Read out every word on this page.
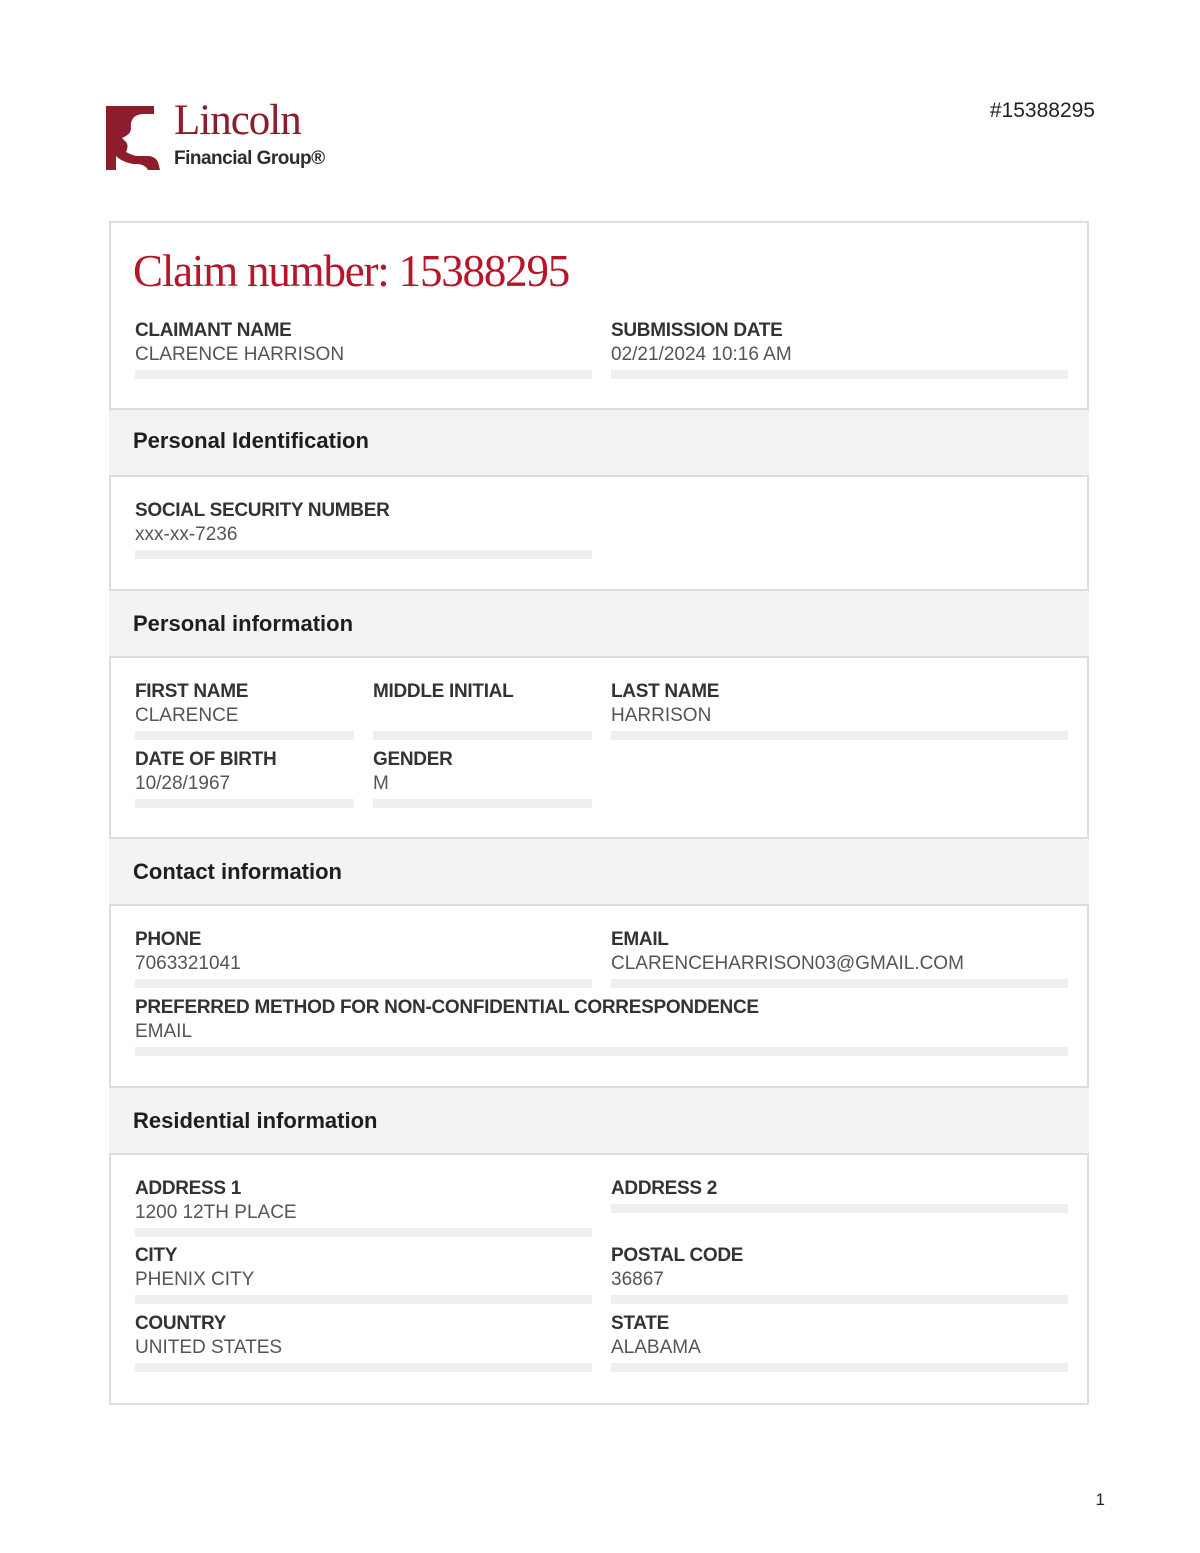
Lincoln
Financial Group®
#15388295
Claim number: 15388295
CLAIMANT NAME
CLARENCE HARRISON
SUBMISSION DATE
02/21/2024 10:16 AM
Personal Identification
SOCIAL SECURITY NUMBER
xxx-xx-7236
Personal information
FIRST NAME
CLARENCE
MIDDLE INITIAL	LAST NAME
HARRISON
DATE OF BIRTH
10/28/1967
GENDER
M
Contact information
PHONE
7063321041
EMAIL
CLARENCEHARRISON03@GMAIL.COM
PREFERRED METHOD FOR NON-CONFIDENTIAL CORRESPONDENCE
EMAIL
Residential information
ADDRESS 1
1200 12TH PLACE
ADDRESS 2
CITY
PHENIX CITY
POSTAL CODE
36867
COUNTRY
UNITED STATES
STATE
ALABAMA
1
